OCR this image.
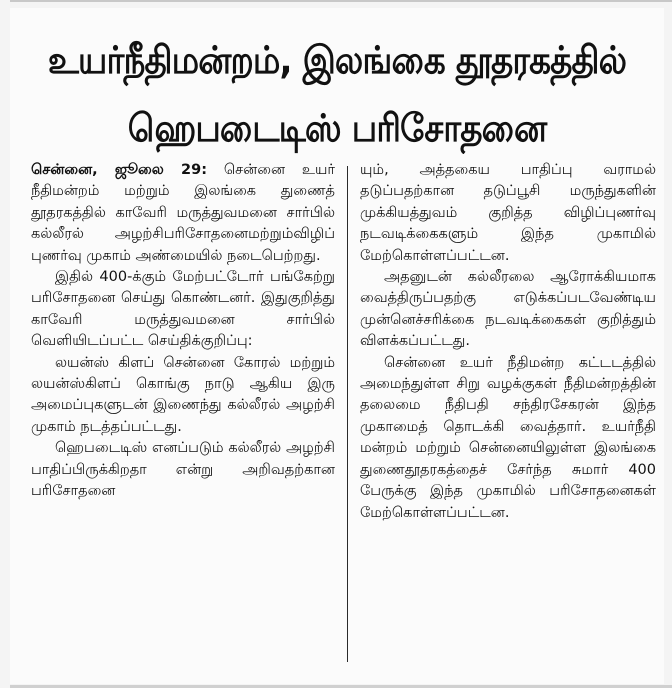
உயர்நீதிமன்றம், இலங்கை தூதரகத்தில்
ஹெபடைடிஸ் பரிசோதனை

சென்னை, ஜூலை 29: சென்னை உயர் நீதிமன்றம் மற்றும் இலங்கை துணைத் தூதரகத்தில் காவேரி மருத்துவமனை சார்பில் கல்லீரல் அழற்சிபரிசோதனைமற்றும்விழிப் புணர்வு முகாம் அண்மையில் நடைபெற்றது.

இதில் 400-க்கும் மேற்பட்டோர் பங்கேற்று பரிசோதனை செய்து கொண்டனர். இதுகுறித்து காவேரி மருத்துவமனை சார்பில் வெளியிடப்பட்ட செய்திக்குறிப்பு:

லயன்ஸ் கிளப் சென்னை கோரல் மற்றும் லயன்ஸ்கிளப் கொங்கு நாடு ஆகிய இரு அமைப்புகளுடன் இணைந்து கல்லீரல் அழற்சி முகாம் நடத்தப்பட்டது.

ஹெபடைடிஸ் எனப்படும் கல்லீரல் அழற்சி பாதிப்பிருக்கிறதா என்று அறிவதற்கான பரிசோதனை

யும், அத்தகைய பாதிப்பு வராமல் தடுப்பதற்கான தடுப்பூசி மருந்துகளின் முக்கியத்துவம் குறித்த விழிப்புணர்வு நடவடிக்கைகளும் இந்த முகாமில் மேற்கொள்ளப்பட்டன.

அதனுடன் கல்லீரலை ஆரோக்கியமாக வைத்திருப்பதற்கு எடுக்கப்படவேண்டிய முன்னெச்சரிக்கை நடவடிக்கைகள் குறித்தும் விளக்கப்பட்டது.

சென்னை உயர் நீதிமன்ற கட்டடத்தில் அமைந்துள்ள சிறு வழக்குகள் நீதிமன்றத்தின் தலைமை நீதிபதி சந்திரசேகரன் இந்த முகாமைத் தொடக்கி வைத்தார். உயர்நீதி மன்றம் மற்றும் சென்னையிலுள்ள இலங்கை துணைதூதரகத்தைச் சேர்ந்த சுமார் 400 பேருக்கு இந்த முகாமில் பரிசோதனைகள் மேற்கொள்ளப்பட்டன.
